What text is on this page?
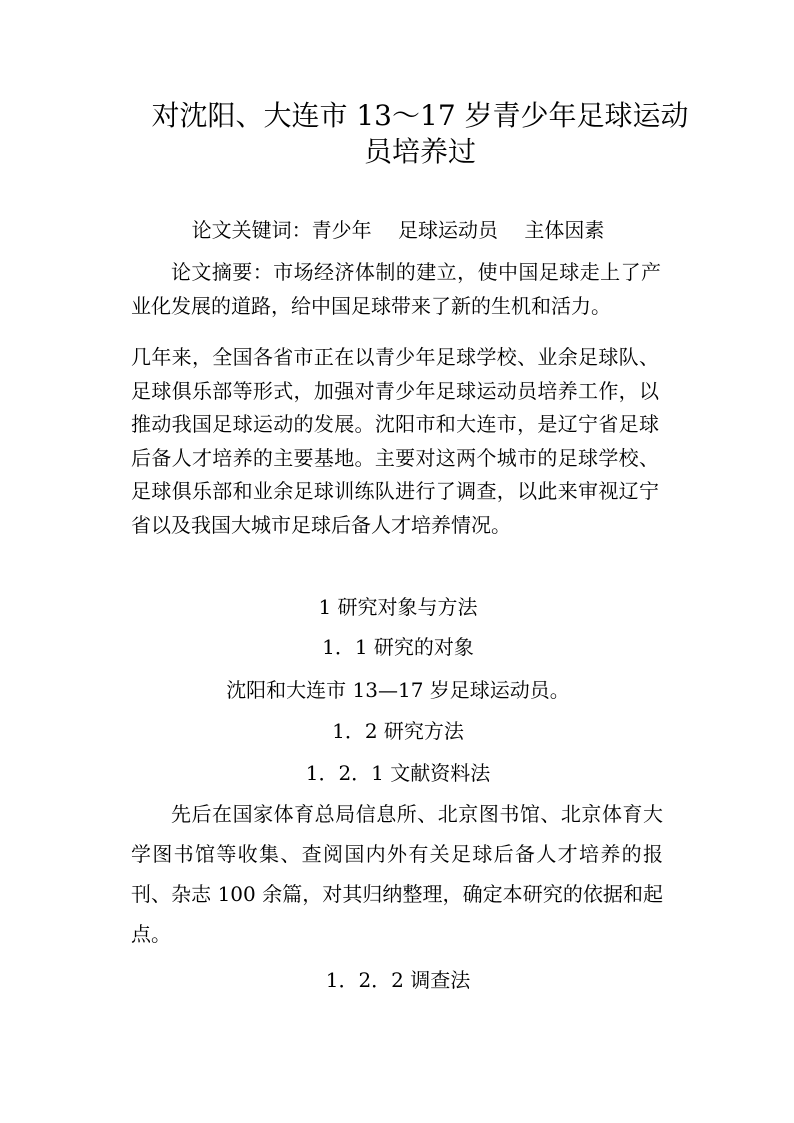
对沈阳、大连市 13～17 岁青少年足球运动员培养过
论文关键词：青少年　 足球运动员　 主体因素
论文摘要：市场经济体制的建立，使中国足球走上了产业化发展的道路，给中国足球带来了新的生机和活力。
几年来，全国各省市正在以青少年足球学校、业余足球队、足球俱乐部等形式，加强对青少年足球运动员培养工作，以推动我国足球运动的发展。沈阳市和大连市，是辽宁省足球后备人才培养的主要基地。主要对这两个城市的足球学校、足球俱乐部和业余足球训练队进行了调查，以此来审视辽宁省以及我国大城市足球后备人才培养情况。
1 研究对象与方法
1．1 研究的对象
沈阳和大连市 13—17 岁足球运动员。
1．2 研究方法
1．2．1 文献资料法
先后在国家体育总局信息所、北京图书馆、北京体育大学图书馆等收集、查阅国内外有关足球后备人才培养的报刊、杂志 100 余篇，对其归纳整理，确定本研究的依据和起点。
1．2．2 调查法
